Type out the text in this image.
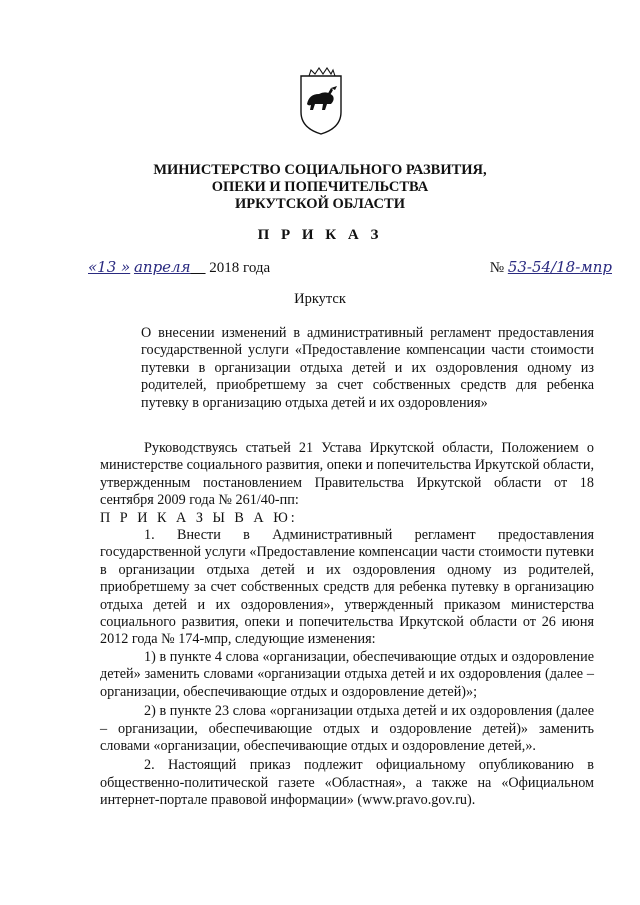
МИНИСТЕРСТВО СОЦИАЛЬНОГО РАЗВИТИЯ,
ОПЕКИ И ПОПЕЧИТЕЛЬСТВА
ИРКУТСКОЙ ОБЛАСТИ
П Р И К А З
«13 » апреля 2018 года	№ 53-54/18-мпр
Иркутск
О внесении изменений в административный регламент предоставления государственной услуги «Предоставление компенсации части стоимости путевки в организации отдыха детей и их оздоровления одному из родителей, приобретшему за счет собственных средств для ребенка путевку в организацию отдыха детей и их оздоровления»

Руководствуясь статьей 21 Устава Иркутской области, Положением о министерстве социального развития, опеки и попечительства Иркутской области, утвержденным постановлением Правительства Иркутской области от 18 сентября 2009 года № 261/40-пп:

П Р И К А З Ы В А Ю:

1. Внести в Административный регламент предоставления государственной услуги «Предоставление компенсации части стоимости путевки в организации отдыха детей и их оздоровления одному из родителей, приобретшему за счет собственных средств для ребенка путевку в организацию отдыха детей и их оздоровления», утвержденный приказом министерства социального развития, опеки и попечительства Иркутской области от 26 июня 2012 года № 174-мпр, следующие изменения:

1) в пункте 4 слова «организации, обеспечивающие отдых и оздоровление детей» заменить словами «организации отдыха детей и их оздоровления (далее – организации, обеспечивающие отдых и оздоровление детей)»;

2) в пункте 23 слова «организации отдыха детей и их оздоровления (далее – организации, обеспечивающие отдых и оздоровление детей)» заменить словами «организации, обеспечивающие отдых и оздоровление детей,».

2. Настоящий приказ подлежит официальному опубликованию в общественно-политической газете «Областная», а также на «Официальном интернет-портале правовой информации» (www.pravo.gov.ru).
